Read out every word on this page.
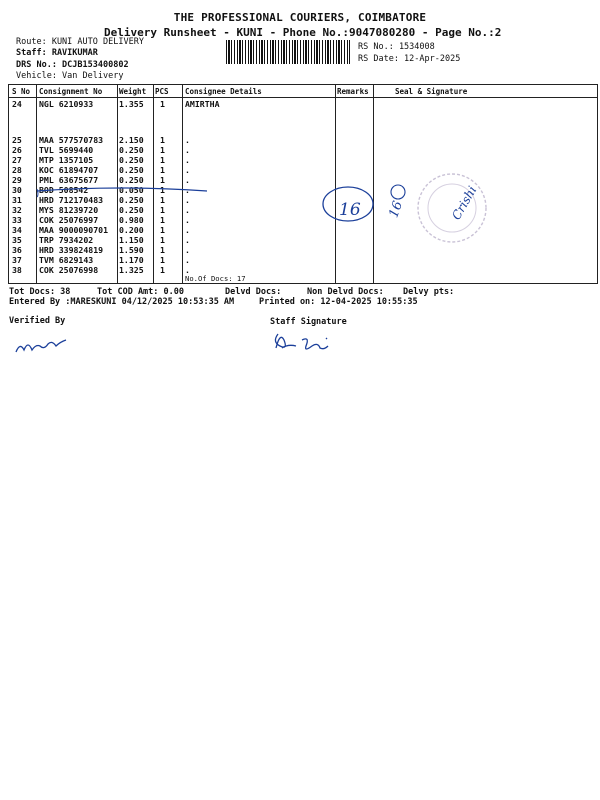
THE PROFESSIONAL COURIERS, COIMBATORE
Delivery Runsheet - KUNI - Phone No.:9047080280 - Page No.:2
Route: KUNI AUTO DELIVERY
Staff: RAVIKUMAR
DRS No.: DCJB153400802
Vehicle: Van Delivery
RS No.: 1534008
RS Date: 12-Apr-2025
S No Consignment No Weight PCS Consignee Details	Remarks	Seal & Signature
24 NGL 6210933	1.355 1 AMIRTHA
25 MAA 577570783 2.150 1 .
26 TVL 5699440	0.250 1 .
27 MTP 1357105	0.250 1 .
28 KOC 61894707	0.250 1 .
29 PML 63675677	0.250 1 .
30 BOD 508542	0.050 1 .
31 HRD 712170483 0.250 1 .
32 MYS 81239720	0.250 1 .
33 COK 25076997	0.980 1 .
34 MAA 9000090701 0.200 1 .
35 TRP 7934202	1.150 1 .
36 HRD 339824819 1.590 1 .
37 TVM 6829143	1.170 1 .
38 COK 25076998	1.325 1 .
No.Of Docs: 17
16 16	Crishi
Tot Docs: 38	Tot COD Amt: 0.00	Delvd Docs:	Non Delvd Docs: Delvy pts:
Entered By :MARESKUNI 04/12/2025 10:53:35 AM	Printed on: 12-04-2025 10:55:35
Verified By	Staff Signature
